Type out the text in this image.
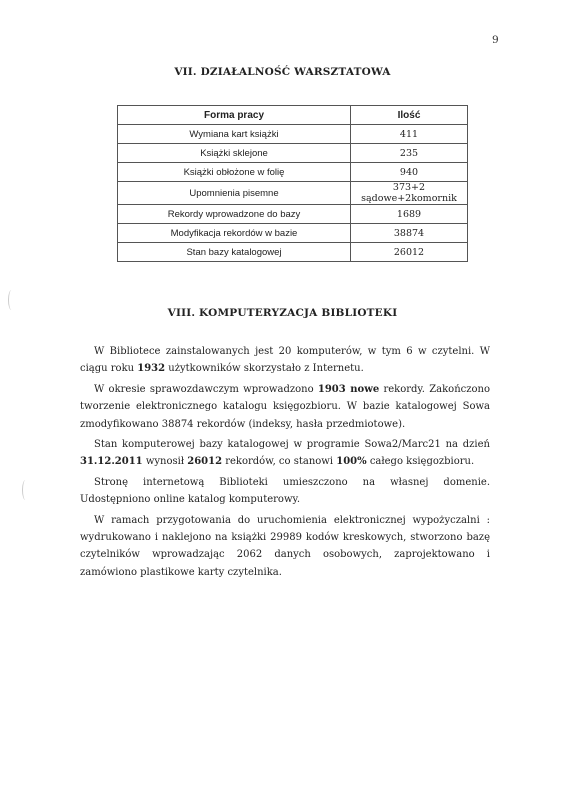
9
VII. DZIAŁALNOŚĆ WARSZTATOWA
Forma pracy	Ilość
Wymiana kart książki	411
Książki sklejone	235
Książki obłożone w folię	940
Upomnienia pisemne	373+2 sądowe+2komornik
Rekordy wprowadzone do bazy	1689
Modyfikacja rekordów w bazie	38874
Stan bazy katalogowej	26012
VIII. KOMPUTERYZACJA BIBLIOTEKI

W Bibliotece zainstalowanych jest 20 komputerów, w tym 6 w czytelni. W ciągu roku 1932 użytkowników skorzystało z Internetu.

W okresie sprawozdawczym wprowadzono 1903 nowe rekordy. Zakończono tworzenie elektronicznego katalogu księgozbioru. W bazie katalogowej Sowa zmodyfikowano 38874 rekordów (indeksy, hasła przedmiotowe).

Stan komputerowej bazy katalogowej w programie Sowa2/Marc21 na dzień 31.12.2011 wynosił 26012 rekordów, co stanowi 100% całego księgozbioru.

Stronę internetową Biblioteki umieszczono na własnej domenie. Udostępniono online katalog komputerowy.

W ramach przygotowania do uruchomienia elektronicznej wypożyczalni : wydrukowano i naklejono na książki 29989 kodów kreskowych, stworzono bazę czytelników wprowadzając 2062 danych osobowych, zaprojektowano i zamówiono plastikowe karty czytelnika.
